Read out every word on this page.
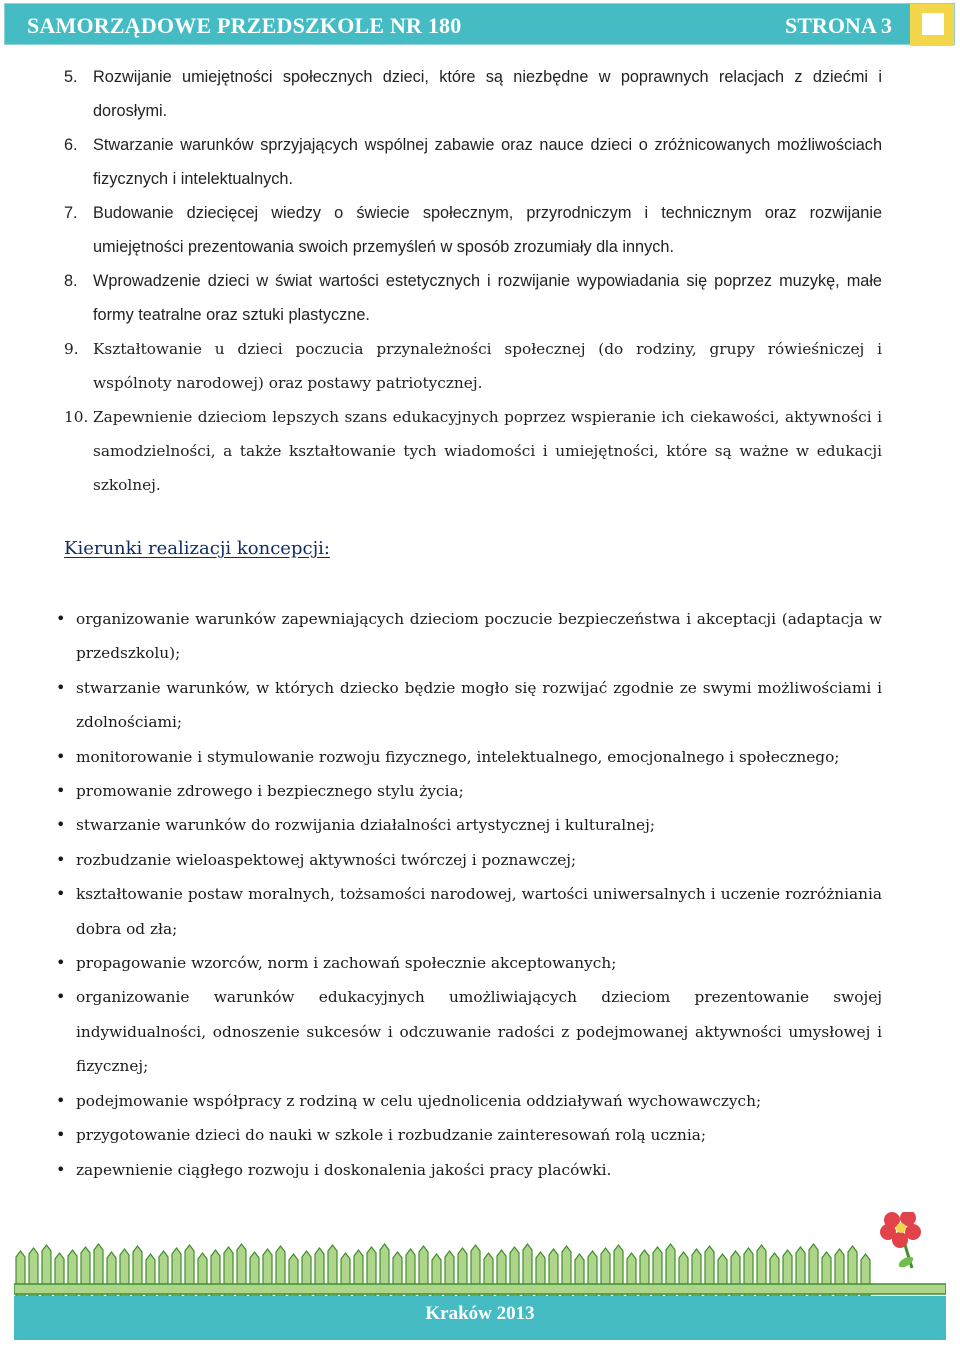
SAMORZĄDOWE PRZEDSZKOLE NR 180	STRONA 3
5. Rozwijanie umiejętności społecznych dzieci, które są niezbędne w poprawnych relacjach z dziećmi i dorosłymi.
6. Stwarzanie warunków sprzyjających wspólnej zabawie oraz nauce dzieci o zróżnicowanych możliwościach fizycznych i intelektualnych.
7. Budowanie dziecięcej wiedzy o świecie społecznym, przyrodniczym i technicznym oraz rozwijanie umiejętności prezentowania swoich przemyśleń w sposób zrozumiały dla innych.
8. Wprowadzenie dzieci w świat wartości estetycznych i rozwijanie wypowiadania się poprzez muzykę, małe formy teatralne oraz sztuki plastyczne.
9. Kształtowanie u dzieci poczucia przynależności społecznej (do rodziny, grupy rówieśniczej i wspólnoty narodowej) oraz postawy patriotycznej.
10. Zapewnienie dzieciom lepszych szans edukacyjnych poprzez wspieranie ich ciekawości, aktywności i samodzielności, a także kształtowanie tych wiadomości i umiejętności, które są ważne w edukacji szkolnej.
Kierunki realizacji koncepcji:
• organizowanie warunków zapewniających dzieciom poczucie bezpieczeństwa i akceptacji (adaptacja w przedszkolu);
• stwarzanie warunków, w których dziecko będzie mogło się rozwijać zgodnie ze swymi możliwościami i zdolnościami;
• monitorowanie i stymulowanie rozwoju fizycznego, intelektualnego, emocjonalnego i społecznego;
• promowanie zdrowego i bezpiecznego stylu życia;
• stwarzanie warunków do rozwijania działalności artystycznej i kulturalnej;
• rozbudzanie wieloaspektowej aktywności twórczej i poznawczej;
• kształtowanie postaw moralnych, tożsamości narodowej, wartości uniwersalnych i uczenie rozróżniania dobra od zła;
• propagowanie wzorców, norm i zachowań społecznie akceptowanych;
• organizowanie warunków edukacyjnych umożliwiających dzieciom prezentowanie swojej indywidualności, odnoszenie sukcesów i odczuwanie radości z podejmowanej aktywności umysłowej i fizycznej;
• podejmowanie współpracy z rodziną w celu ujednolicenia oddziaływań wychowawczych;
• przygotowanie dzieci do nauki w szkole i rozbudzanie zainteresowań rolą ucznia;
• zapewnienie ciągłego rozwoju i doskonalenia jakości pracy placówki.
Kraków 2013
